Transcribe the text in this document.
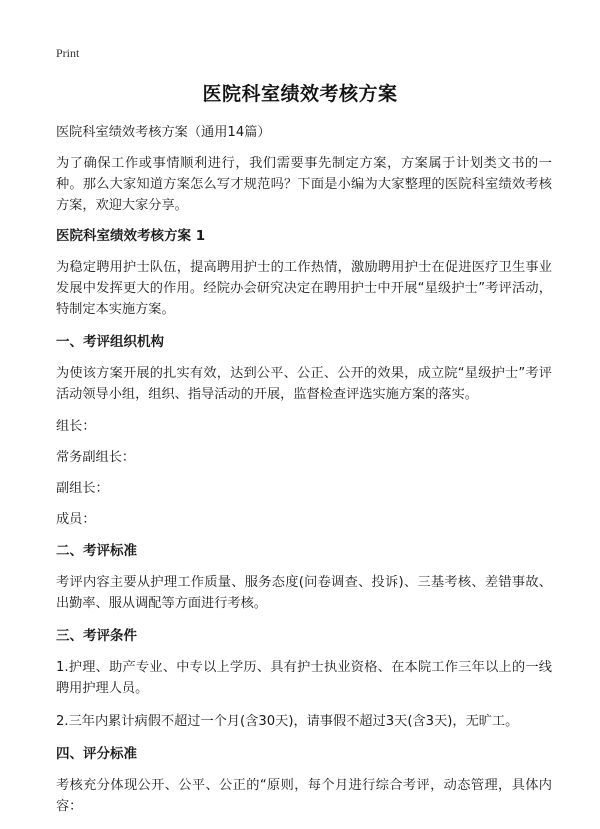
Print
医院科室绩效考核方案

医院科室绩效考核方案（通用14篇）

为了确保工作或事情顺利进行，我们需要事先制定方案，方案属于计划类文书的一种。那么大家知道方案怎么写才规范吗？下面是小编为大家整理的医院科室绩效考核方案，欢迎大家分享。

医院科室绩效考核方案 1

为稳定聘用护士队伍，提高聘用护士的工作热情，激励聘用护士在促进医疗卫生事业发展中发挥更大的作用。经院办会研究决定在聘用护士中开展“星级护士”考评活动，特制定本实施方案。

一、考评组织机构

为使该方案开展的扎实有效，达到公平、公正、公开的效果，成立院“星级护士”考评活动领导小组，组织、指导活动的开展，监督检查评选实施方案的落实。

组长：
常务副组长：
副组长：
成员：
二、考评标准

考评内容主要从护理工作质量、服务态度(问卷调查、投诉)、三基考核、差错事故、出勤率、服从调配等方面进行考核。

三、考评条件

1.护理、助产专业、中专以上学历、具有护士执业资格、在本院工作三年以上的一线聘用护理人员。

2.三年内累计病假不超过一个月(含30天)，请事假不超过3天(含3天)，无旷工。

四、评分标准

考核充分体现公开、公平、公正的“原则，每个月进行综合考评，动态管理，具体内容：
